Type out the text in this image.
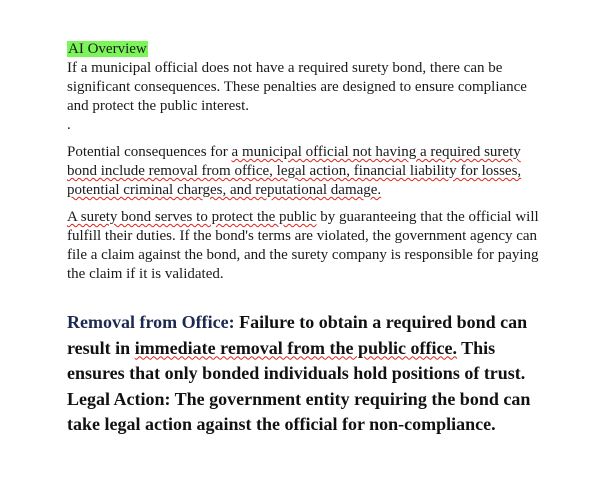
AI Overview

If a municipal official does not have a required surety bond, there can be significant consequences. These penalties are designed to ensure compliance and protect the public interest.

.

Potential consequences for a municipal official not having a required surety bond include removal from office, legal action, financial liability for losses, potential criminal charges, and reputational damage.

A surety bond serves to protect the public by guaranteeing that the official will fulfill their duties. If the bond's terms are violated, the government agency can file a claim against the bond, and the surety company is responsible for paying the claim if it is validated.

Removal from Office: Failure to obtain a required bond can result in immediate removal from the public office. This ensures that only bonded individuals hold positions of trust. Legal Action: The government entity requiring the bond can take legal action against the official for non-compliance.
